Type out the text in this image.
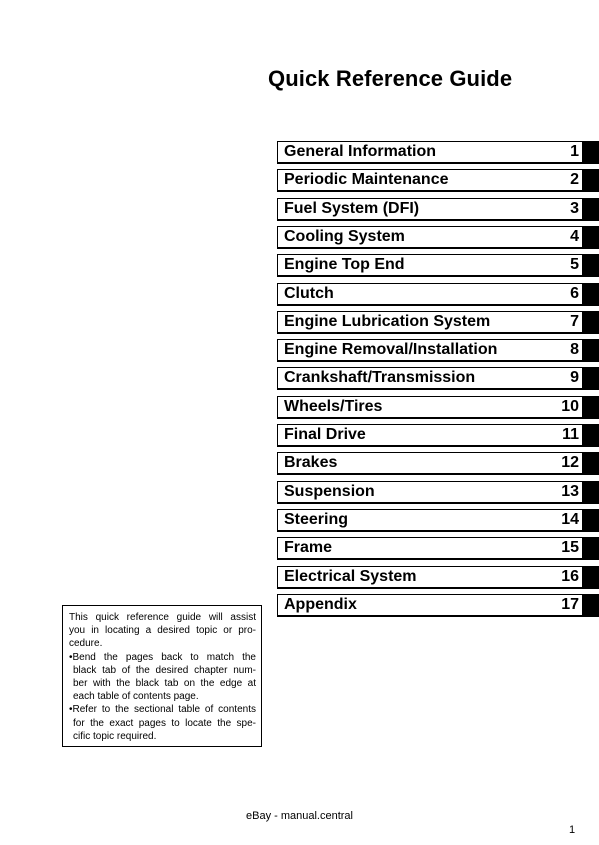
Quick Reference Guide
General Information	1
Periodic Maintenance	2
Fuel System (DFI)	3
Cooling System	4
Engine Top End	5
Clutch	6
Engine Lubrication System	7
Engine Removal/Installation	8
Crankshaft/Transmission	9
Wheels/Tires	10
Final Drive	11
Brakes	12
Suspension	13
Steering	14
Frame	15
Electrical System	16
Appendix	17
This quick reference guide will assist
you in locating a desired topic or pro-
cedure.
•Bend the pages back to match the
black tab of the desired chapter num-
ber with the black tab on the edge at
each table of contents page.
•Refer to the sectional table of contents
for the exact pages to locate the spe-
cific topic required.
eBay - manual.central
1
